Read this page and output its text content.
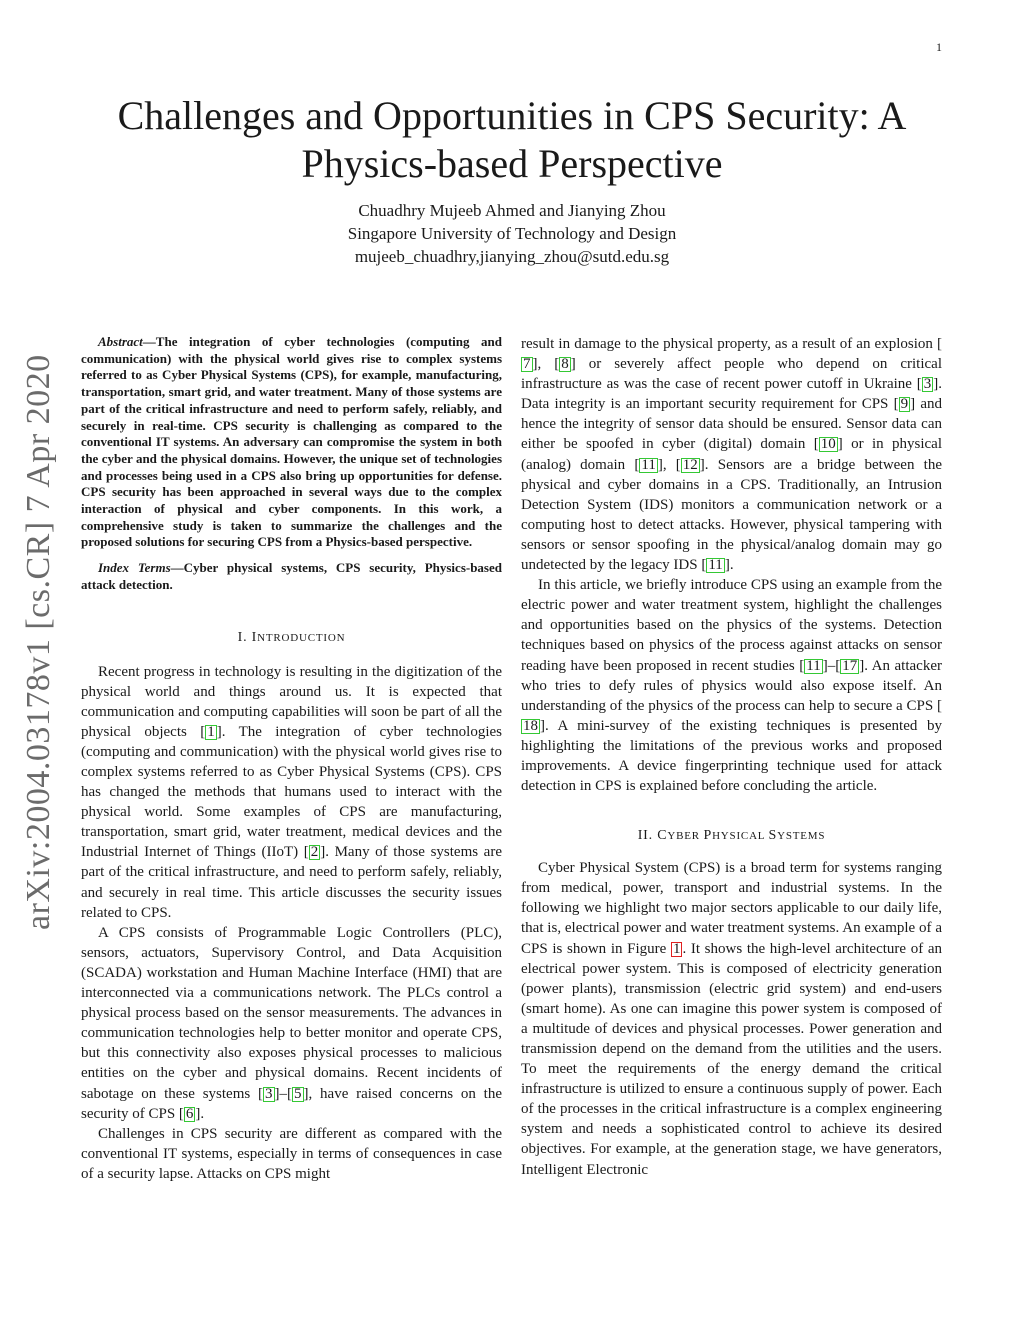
1
arXiv:2004.03178v1 [cs.CR] 7 Apr 2020
Challenges and Opportunities in CPS Security: A
Physics-based Perspective
Chuadhry Mujeeb Ahmed and Jianying Zhou
Singapore University of Technology and Design
mujeeb_chuadhry,jianying_zhou@sutd.edu.sg
Abstract—The integration of cyber technologies (computing and communication) with the physical world gives rise to complex systems referred to as Cyber Physical Systems (CPS), for example, manufacturing, transportation, smart grid, and water treatment. Many of those systems are part of the critical infrastructure and need to perform safely, reliably, and securely in real-time. CPS security is challenging as compared to the conventional IT systems. An adversary can compromise the system in both the cyber and the physical domains. However, the unique set of technologies and processes being used in a CPS also bring up opportunities for defense. CPS security has been approached in several ways due to the complex interaction of physical and cyber components. In this work, a comprehensive study is taken to summarize the challenges and the proposed solutions for securing CPS from a Physics-based perspective.
Index Terms—Cyber physical systems, CPS security, Physics-based attack detection.
I. INTRODUCTION

Recent progress in technology is resulting in the digitization of the physical world and things around us. It is expected that communication and computing capabilities will soon be part of all the physical objects [ 1 ]. The integration of cyber technologies (computing and communication) with the physical world gives rise to complex systems referred to as Cyber Physical Systems (CPS). CPS has changed the methods that humans used to interact with the physical world. Some examples of CPS are manufacturing, transportation, smart grid, water treatment, medical devices and the Industrial Internet of Things (IIoT) [ 2 ]. Many of those systems are part of the critical infrastructure, and need to perform safely, reliably, and securely in real time. This article discusses the security issues related to CPS.

A CPS consists of Programmable Logic Controllers (PLC), sensors, actuators, Supervisory Control, and Data Acquisition (SCADA) workstation and Human Machine Interface (HMI) that are interconnected via a communications network. The PLCs control a physical process based on the sensor measurements. The advances in communication technologies help to better monitor and operate CPS, but this connectivity also exposes physical processes to malicious entities on the cyber and physical domains. Recent incidents of sabotage on these systems [ 3 ]–[ 5 ], have raised concerns on the security of CPS [ 6 ].

Challenges in CPS security are different as compared with the conventional IT systems, especially in terms of consequences in case of a security lapse. Attacks on CPS might

result in damage to the physical property, as a result of an explosion [7 ], [ 8 ] or severely affect people who depend on critical infrastructure as was the case of recent power cutoff in Ukraine [ 3 ]. Data integrity is an important security requirement for CPS [ 9 ] and hence the integrity of sensor data should be ensured. Sensor data can either be spoofed in cyber (digital) domain [ 10 ] or in physical (analog) domain [ 11 ], [ 12 ]. Sensors are a bridge between the physical and cyber domains in a CPS. Traditionally, an Intrusion Detection System (IDS) monitors a communication network or a computing host to detect attacks. However, physical tampering with sensors or sensor spoofing in the physical/analog domain may go undetected by the legacy IDS [ 11 ].

In this article, we briefly introduce CPS using an example from the electric power and water treatment system, highlight the challenges and opportunities based on the physics of the systems. Detection techniques based on physics of the process against attacks on sensor reading have been proposed in recent studies [ 11 ]–[ 17 ]. An attacker who tries to defy rules of physics would also expose itself. An understanding of the physics of the process can help to secure a CPS [18 ]. A mini-survey of the existing techniques is presented by highlighting the limitations of the previous works and proposed improvements. A device fingerprinting technique used for attack detection in CPS is explained before concluding the article.

II. CYBER PHYSICAL SYSTEMS

Cyber Physical System (CPS) is a broad term for systems ranging from medical, power, transport and industrial systems. In the following we highlight two major sectors applicable to our daily life, that is, electrical power and water treatment systems. An example of a CPS is shown in Figure 1 . It shows the high-level architecture of an electrical power system. This is composed of electricity generation (power plants), transmission (electric grid system) and end-users (smart home). As one can imagine this power system is composed of a multitude of devices and physical processes. Power generation and transmission depend on the demand from the utilities and the users. To meet the requirements of the energy demand the critical infrastructure is utilized to ensure a continuous supply of power. Each of the processes in the critical infrastructure is a complex engineering system and needs a sophisticated control to achieve its desired objectives. For example, at the generation stage, we have generators, Intelligent Electronic
